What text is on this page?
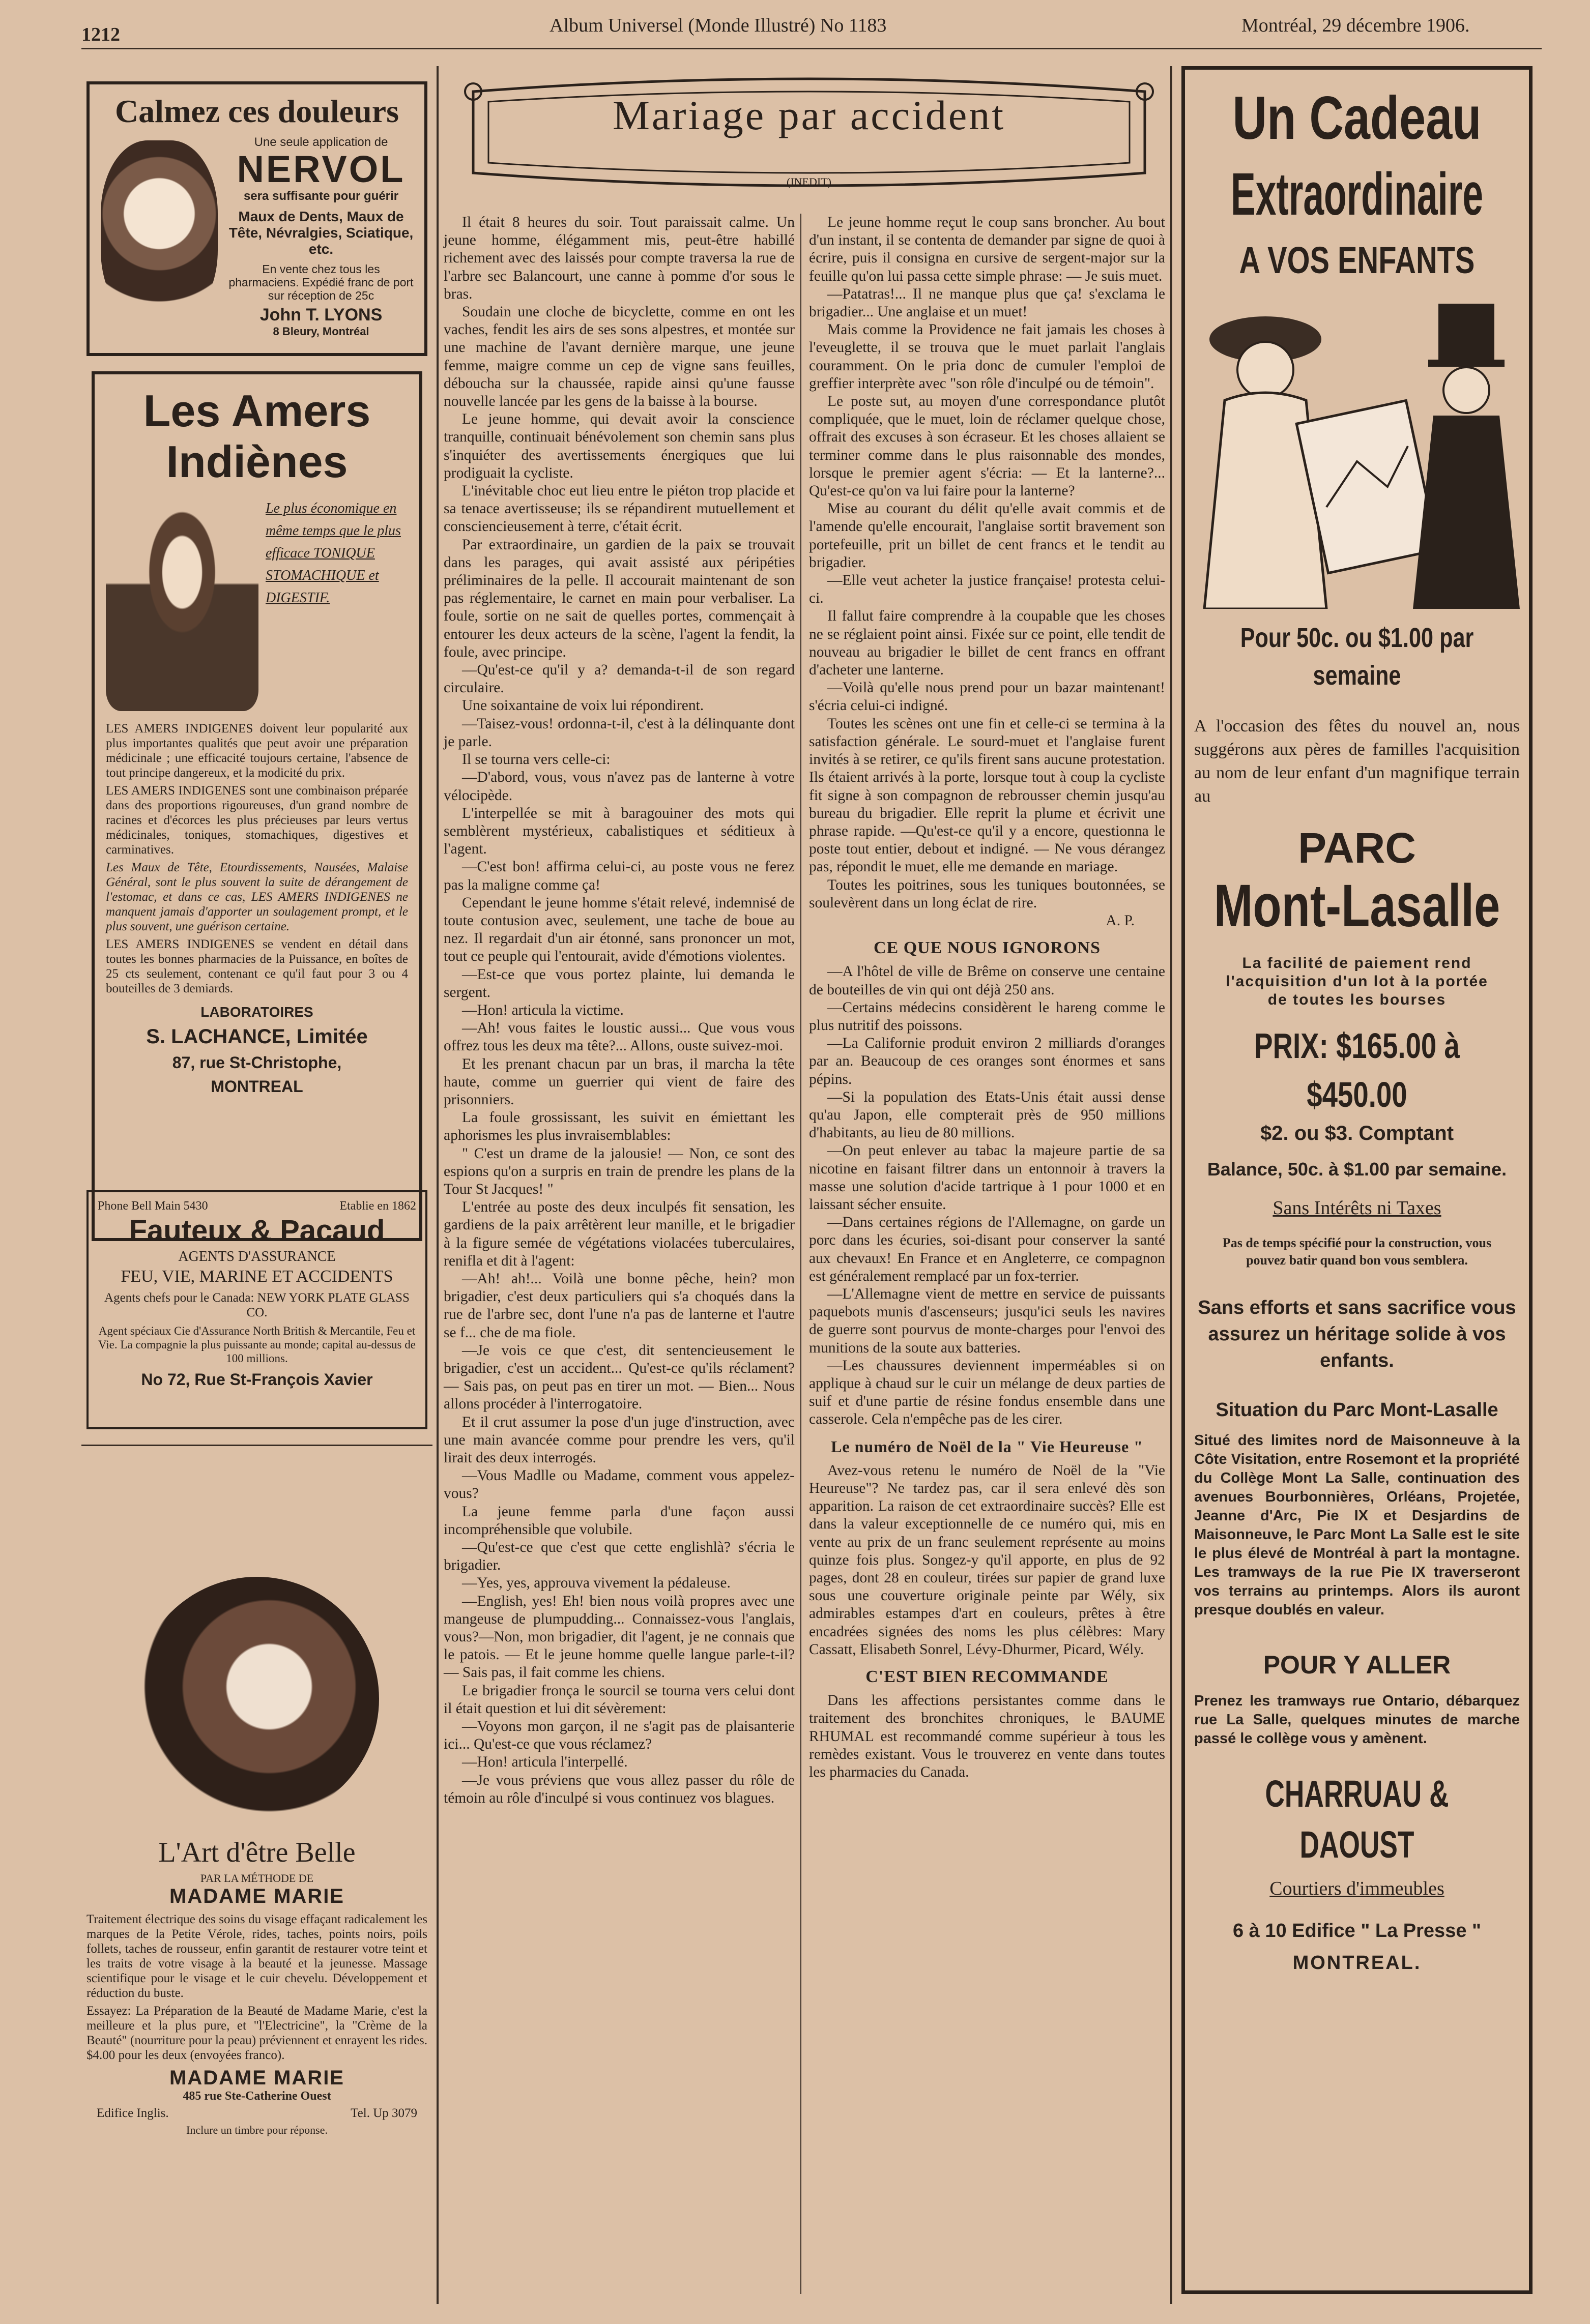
1212	Album Universel (Monde Illustré) No 1183	Montréal, 29 décembre 1906.
Calmez ces douleurs
Une seule application de
NERVOL
sera suffisante pour guérir
Maux de Dents, Maux de Tête, Névralgies, Sciatique, etc.
En vente chez tous les pharmaciens. Expédié franc de port sur réception de 25c
John T. LYONS
8 Bleury, Montréal
Les Amers
Indiènes
Le plus économique en même temps que le plus efficace TONIQUE STOMACHIQUE et DIGESTIF.

LES AMERS INDIGENES doivent leur popularité aux plus importantes qualités que peut avoir une préparation médicinale ; une efficacité toujours certaine, l'absence de tout principe dangereux, et la modicité du prix.

LES AMERS INDIGENES sont une combinaison préparée dans des proportions rigoureuses, d'un grand nombre de racines et d'écorces les plus précieuses par leurs vertus médicinales, toniques, stomachiques, digestives et carminatives.

Les Maux de Tête, Etourdissements, Nausées, Malaise Général, sont le plus souvent la suite de dérangement de l'estomac, et dans ce cas, LES AMERS INDIGENES ne manquent jamais d'apporter un soulagement prompt, et le plus souvent, une guérison certaine.

LES AMERS INDIGENES se vendent en détail dans toutes les bonnes pharmacies de la Puissance, en boîtes de 25 cts seulement, contenant ce qu'il faut pour 3 ou 4 bouteilles de 3 demiards.

LABORATOIRES
S. LACHANCE, Limitée
87, rue St-Christophe,
MONTREAL
Phone Bell Main 5430	Etablie en 1862
Fauteux & Pacaud
AGENTS D'ASSURANCE
FEU, VIE, MARINE ET ACCIDENTS
Agents chefs pour le Canada: NEW YORK PLATE GLASS CO.
Agent spéciaux Cie d'Assurance North British & Mercantile, Feu et Vie. La compagnie la plus puissante au monde; capital au-dessus de 100 millions.
No 72, Rue St-François Xavier
L'Art d'être Belle
PAR LA MÉTHODE DE
MADAME MARIE
Traitement électrique des soins du visage effaçant radicalement les marques de la Petite Vérole, rides, taches, points noirs, poils follets, taches de rousseur, enfin garantit de restaurer votre teint et les traits de votre visage à la beauté et la jeunesse. Massage scientifique pour le visage et le cuir chevelu. Développement et réduction du buste.
Essayez: La Préparation de la Beauté de Madame Marie, c'est la meilleure et la plus pure, et "l'Electricine", la "Crème de la Beauté" (nourriture pour la peau) préviennent et enrayent les rides. $4.00 pour les deux (envoyées franco).
MADAME MARIE
485 rue Ste-Catherine Ouest
Edifice Inglis.	Tel. Up 3079
Inclure un timbre pour réponse.
Mariage par accident
(INEDIT)

Il était 8 heures du soir. Tout paraissait calme. Un jeune homme, élégamment mis, peut-être habillé richement avec des laissés pour compte traversa la rue de l'arbre sec Balancourt, une canne à pomme d'or sous le bras.

Soudain une cloche de bicyclette, comme en ont les vaches, fendit les airs de ses sons alpestres, et montée sur une machine de l'avant dernière marque, une jeune femme, maigre comme un cep de vigne sans feuilles, déboucha sur la chaussée, rapide ainsi qu'une fausse nouvelle lancée par les gens de la baisse à la bourse.

Le jeune homme, qui devait avoir la conscience tranquille, continuait bénévolement son chemin sans plus s'inquiéter des avertissements énergiques que lui prodiguait la cycliste.

L'inévitable choc eut lieu entre le piéton trop placide et sa tenace avertisseuse; ils se répandirent mutuellement et consciencieusement à terre, c'était écrit.

Par extraordinaire, un gardien de la paix se trouvait dans les parages, qui avait assisté aux péripéties préliminaires de la pelle. Il accourait maintenant de son pas réglementaire, le carnet en main pour verbaliser. La foule, sortie on ne sait de quelles portes, commençait à entourer les deux acteurs de la scène, l'agent la fendit, la foule, avec principe.

—Qu'est-ce qu'il y a? demanda-t-il de son regard circulaire.

Une soixantaine de voix lui répondirent.

—Taisez-vous! ordonna-t-il, c'est à la délinquante dont je parle.

Il se tourna vers celle-ci:

—D'abord, vous, vous n'avez pas de lanterne à votre vélocipède.

L'interpellée se mit à baragouiner des mots qui semblèrent mystérieux, cabalistiques et séditieux à l'agent.

—C'est bon! affirma celui-ci, au poste vous ne ferez pas la maligne comme ça!

Cependant le jeune homme s'était relevé, indemnisé de toute contusion avec, seulement, une tache de boue au nez. Il regardait d'un air étonné, sans prononcer un mot, tout ce peuple qui l'entourait, avide d'émotions violentes.

—Est-ce que vous portez plainte, lui demanda le sergent.

—Hon! articula la victime.

—Ah! vous faites le loustic aussi... Que vous vous offrez tous les deux ma tête?... Allons, ouste suivez-moi.

Et les prenant chacun par un bras, il marcha la tête haute, comme un guerrier qui vient de faire des prisonniers.

La foule grossissant, les suivit en émiettant les aphorismes les plus invraisemblables:

" C'est un drame de la jalousie! — Non, ce sont des espions qu'on a surpris en train de prendre les plans de la Tour St Jacques! "

L'entrée au poste des deux inculpés fit sensation, les gardiens de la paix arrêtèrent leur manille, et le brigadier à la figure semée de végétations violacées tuberculaires, renifla et dit à l'agent:

—Ah! ah!... Voilà une bonne pêche, hein? mon brigadier, c'est deux particuliers qui s'a choqués dans la rue de l'arbre sec, dont l'une n'a pas de lanterne et l'autre se f... che de ma fiole.

—Je vois ce que c'est, dit sentencieusement le brigadier, c'est un accident... Qu'est-ce qu'ils réclament? — Sais pas, on peut pas en tirer un mot. — Bien... Nous allons procéder à l'interrogatoire.

Et il crut assumer la pose d'un juge d'instruction, avec une main avancée comme pour prendre les vers, qu'il lirait des deux interrogés.

—Vous Madlle ou Madame, comment vous appelez-vous?

La jeune femme parla d'une façon aussi incompréhensible que volubile.

—Qu'est-ce que c'est que cette englishlà? s'écria le brigadier.

—Yes, yes, approuva vivement la pédaleuse.

—English, yes! Eh! bien nous voilà propres avec une mangeuse de plumpudding... Connaissez-vous l'anglais, vous?—Non, mon brigadier, dit l'agent, je ne connais que le patois. — Et le jeune homme quelle langue parle-t-il? — Sais pas, il fait comme les chiens.

Le brigadier fronça le sourcil se tourna vers celui dont il était question et lui dit sévèrement:

—Voyons mon garçon, il ne s'agit pas de plaisanterie ici... Qu'est-ce que vous réclamez?

—Hon! articula l'interpellé.

—Je vous préviens que vous allez passer du rôle de témoin au rôle d'inculpé si vous continuez vos blagues.

Le jeune homme reçut le coup sans broncher. Au bout d'un instant, il se contenta de demander par signe de quoi à écrire, puis il consigna en cursive de sergent-major sur la feuille qu'on lui passa cette simple phrase: — Je suis muet.

—Patatras!... Il ne manque plus que ça! s'exclama le brigadier... Une anglaise et un muet!

Mais comme la Providence ne fait jamais les choses à l'eveuglette, il se trouva que le muet parlait l'anglais couramment. On le pria donc de cumuler l'emploi de greffier interprète avec "son rôle d'inculpé ou de témoin".

Le poste sut, au moyen d'une correspondance plutôt compliquée, que le muet, loin de réclamer quelque chose, offrait des excuses à son écraseur. Et les choses allaient se terminer comme dans le plus raisonnable des mondes, lorsque le premier agent s'écria: — Et la lanterne?... Qu'est-ce qu'on va lui faire pour la lanterne?

Mise au courant du délit qu'elle avait commis et de l'amende qu'elle encourait, l'anglaise sortit bravement son portefeuille, prit un billet de cent francs et le tendit au brigadier.

—Elle veut acheter la justice française! protesta celui-ci.

Il fallut faire comprendre à la coupable que les choses ne se réglaient point ainsi. Fixée sur ce point, elle tendit de nouveau au brigadier le billet de cent francs en offrant d'acheter une lanterne.

—Voilà qu'elle nous prend pour un bazar maintenant! s'écria celui-ci indigné.

Toutes les scènes ont une fin et celle-ci se termina à la satisfaction générale. Le sourd-muet et l'anglaise furent invités à se retirer, ce qu'ils firent sans aucune protestation. Ils étaient arrivés à la porte, lorsque tout à coup la cycliste fit signe à son compagnon de rebrousser chemin jusqu'au bureau du brigadier. Elle reprit la plume et écrivit une phrase rapide. —Qu'est-ce qu'il y a encore, questionna le poste tout entier, debout et indigné. — Ne vous dérangez pas, répondit le muet, elle me demande en mariage.

Toutes les poitrines, sous les tuniques boutonnées, se soulevèrent dans un long éclat de rire.

A. P.
CE QUE NOUS IGNORONS

—A l'hôtel de ville de Brême on conserve une centaine de bouteilles de vin qui ont déjà 250 ans.

—Certains médecins considèrent le hareng comme le plus nutritif des poissons.

—La Californie produit environ 2 milliards d'oranges par an. Beaucoup de ces oranges sont énormes et sans pépins.

—Si la population des Etats-Unis était aussi dense qu'au Japon, elle compterait près de 950 millions d'habitants, au lieu de 80 millions.

—On peut enlever au tabac la majeure partie de sa nicotine en faisant filtrer dans un entonnoir à travers la masse une solution d'acide tartrique à 1 pour 1000 et en laissant sécher ensuite.

—Dans certaines régions de l'Allemagne, on garde un porc dans les écuries, soi-disant pour conserver la santé aux chevaux! En France et en Angleterre, ce compagnon est généralement remplacé par un fox-terrier.

—L'Allemagne vient de mettre en service de puissants paquebots munis d'ascenseurs; jusqu'ici seuls les navires de guerre sont pourvus de monte-charges pour l'envoi des munitions de la soute aux batteries.

—Les chaussures deviennent imperméables si on applique à chaud sur le cuir un mélange de deux parties de suif et d'une partie de résine fondus ensemble dans une casserole. Cela n'empêche pas de les cirer.

Le numéro de Noël de la " Vie Heureuse "

Avez-vous retenu le numéro de Noël de la "Vie Heureuse"? Ne tardez pas, car il sera enlevé dès son apparition. La raison de cet extraordinaire succès? Elle est dans la valeur exceptionnelle de ce numéro qui, mis en vente au prix de un franc seulement représente au moins quinze fois plus. Songez-y qu'il apporte, en plus de 92 pages, dont 28 en couleur, tirées sur papier de grand luxe sous une couverture originale peinte par Wély, six admirables estampes d'art en couleurs, prêtes à être encadrées signées des noms les plus célèbres: Mary Cassatt, Elisabeth Sonrel, Lévy-Dhurmer, Picard, Wély.

C'EST BIEN RECOMMANDE

Dans les affections persistantes comme dans le traitement des bronchites chroniques, le BAUME RHUMAL est recommandé comme supérieur à tous les remèdes existant. Vous le trouverez en vente dans toutes les pharmacies du Canada.

Un Cadeau
Extraordinaire
A VOS ENFANTS
Pour 50c. ou $1.00 par semaine
A l'occasion des fêtes du nouvel an, nous suggérons aux pères de familles l'acquisition au nom de leur enfant d'un magnifique terrain au
PARC
Mont-Lasalle
La facilité de paiement rend l'acquisition d'un lot à la portée de toutes les bourses
PRIX: $165.00 à $450.00
$2. ou $3. Comptant
Balance, 50c. à $1.00 par semaine.
Sans Intérêts ni Taxes
Pas de temps spécifié pour la construction, vous pouvez batir quand bon vous semblera.
Sans efforts et sans sacrifice vous assurez un héritage solide à vos enfants.
Situation du Parc Mont-Lasalle
Situé des limites nord de Maisonneuve à la Côte Visitation, entre Rosemont et la propriété du Collège Mont La Salle, continuation des avenues Bourbonnières, Orléans, Projetée, Jeanne d'Arc, Pie IX et Desjardins de Maisonneuve, le Parc Mont La Salle est le site le plus élevé de Montréal à part la montagne. Les tramways de la rue Pie IX traverseront vos terrains au printemps. Alors ils auront presque doublés en valeur.
POUR Y ALLER
Prenez les tramways rue Ontario, débarquez rue La Salle, quelques minutes de marche passé le collège vous y amènent.
CHARRUAU & DAOUST
Courtiers d'immeubles
6 à 10 Edifice " La Presse "
MONTREAL.
